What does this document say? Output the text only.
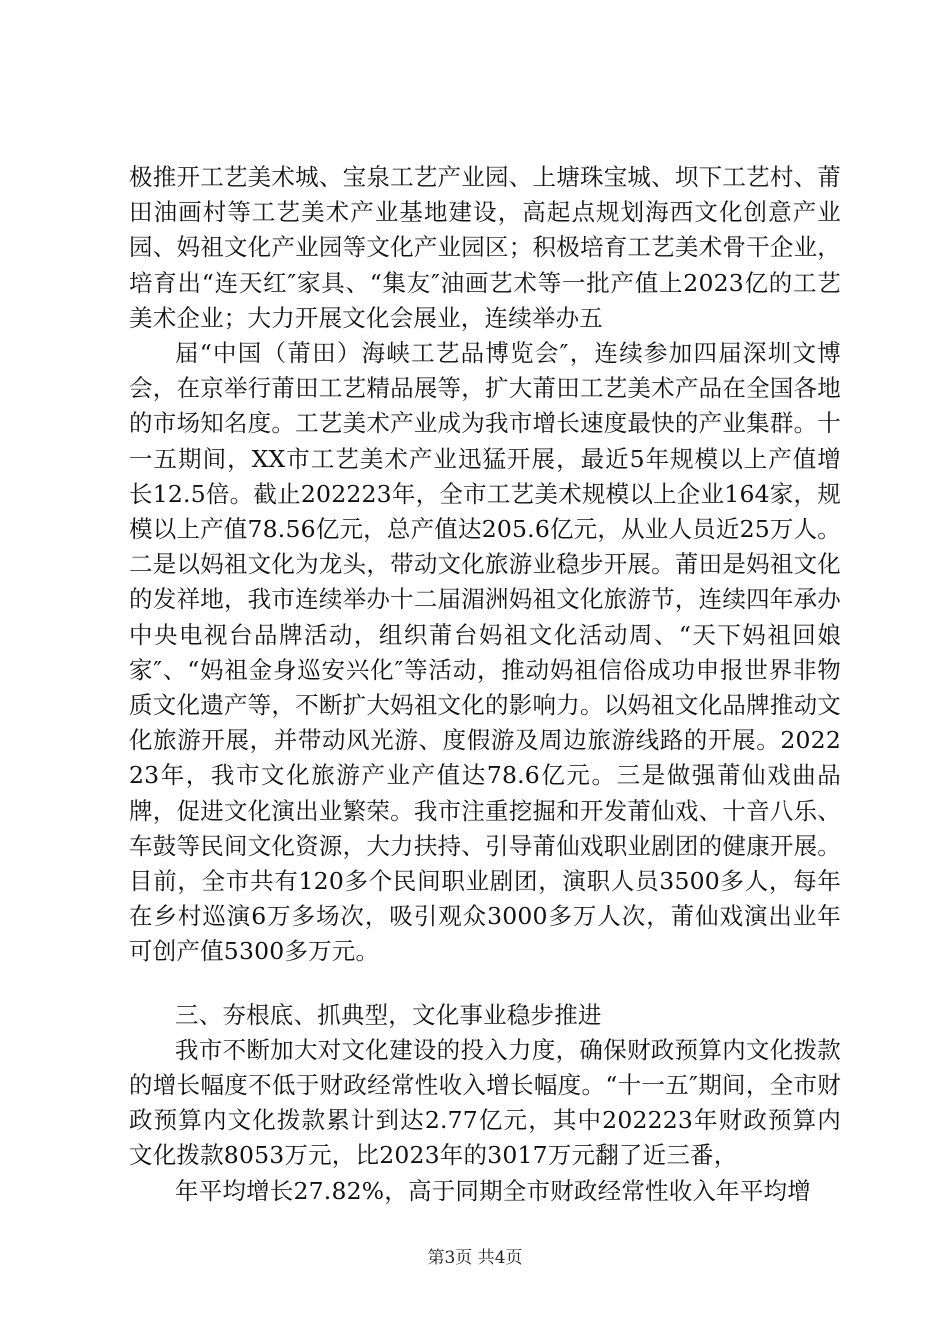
极推开工艺美术城、宝泉工艺产业园、上塘珠宝城、坝下工艺村、莆田油画村等工艺美术产业基地建设，高起点规划海西文化创意产业园、妈祖文化产业园等文化产业园区；积极培育工艺美术骨干企业，培育出“连天红″家具、“集友″油画艺术等一批产值上2023亿的工艺美术企业；大力开展文化会展业，连续举办五

届“中国（莆田）海峡工艺品博览会″，连续参加四届深圳文博会，在京举行莆田工艺精品展等，扩大莆田工艺美术产品在全国各地的市场知名度。工艺美术产业成为我市增长速度最快的产业集群。十一五期间，XX市工艺美术产业迅猛开展，最近5年规模以上产值增长12.5倍。截止202223年，全市工艺美术规模以上企业164家，规模以上产值78.56亿元，总产值达205.6亿元，从业人员近25万人。二是以妈祖文化为龙头，带动文化旅游业稳步开展。莆田是妈祖文化的发祥地，我市连续举办十二届湄洲妈祖文化旅游节，连续四年承办中央电视台品牌活动，组织莆台妈祖文化活动周、“天下妈祖回娘家″、“妈祖金身巡安兴化″等活动，推动妈祖信俗成功申报世界非物质文化遗产等，不断扩大妈祖文化的影响力。以妈祖文化品牌推动文化旅游开展，并带动风光游、度假游及周边旅游线路的开展。202223年，我市文化旅游产业产值达78.6亿元。三是做强莆仙戏曲品牌，促进文化演出业繁荣。我市注重挖掘和开发莆仙戏、十音八乐、车鼓等民间文化资源，大力扶持、引导莆仙戏职业剧团的健康开展。目前，全市共有120多个民间职业剧团，演职人员3500多人，每年在乡村巡演6万多场次，吸引观众3000多万人次，莆仙戏演出业年可创产值5300多万元。

三、夯根底、抓典型，文化事业稳步推进

我市不断加大对文化建设的投入力度，确保财政预算内文化拨款的增长幅度不低于财政经常性收入增长幅度。“十一五″期间，全市财政预算内文化拨款累计到达2.77亿元，其中202223年财政预算内文化拨款8053万元，比2023年的3017万元翻了近三番，

年平均增长27.82%，高于同期全市财政经常性收入年平均增

第3页 共4页
